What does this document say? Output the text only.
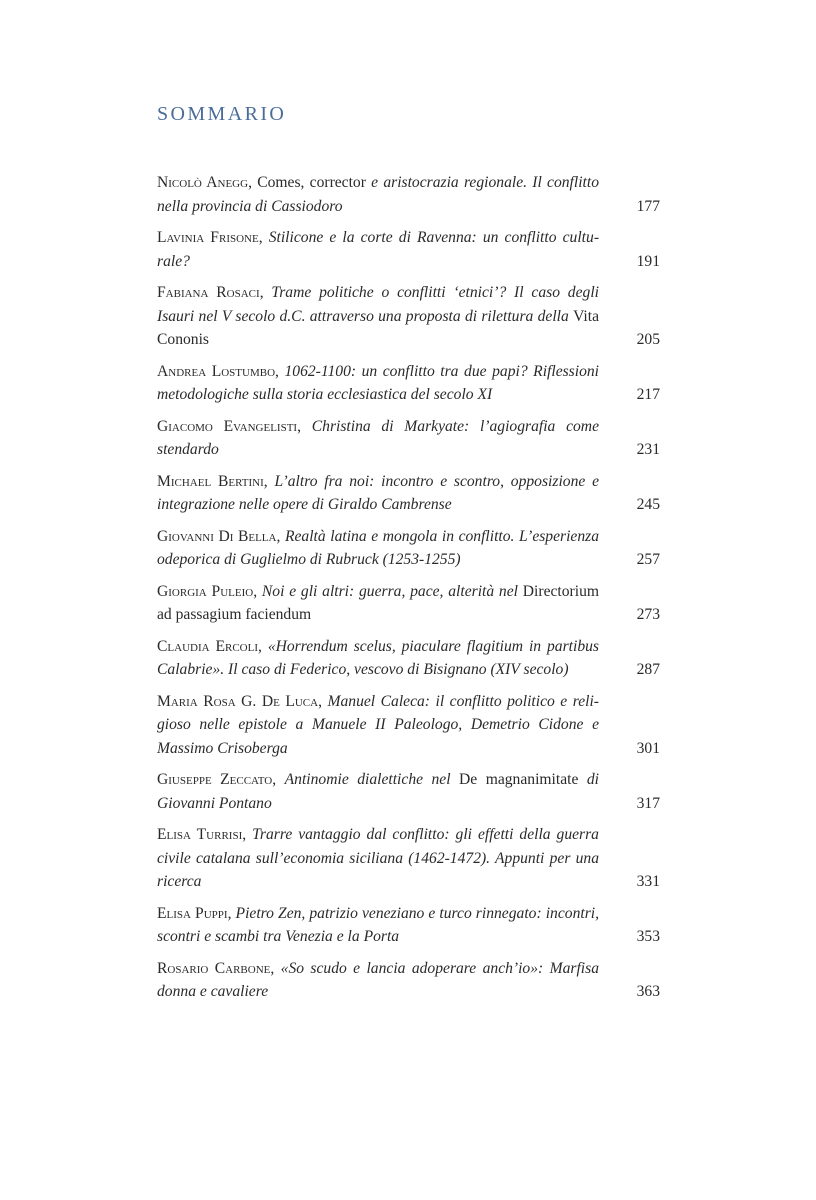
SOMMARIO
Nicolò Anegg, Comes, corrector e aristocrazia regionale. Il conflitto nella provincia di Cassiodoro	177
Lavinia Frisone, Stilicone e la corte di Ravenna: un conflitto culturale?	191
Fabiana Rosaci, Trame politiche o conflitti ‘etnici’? Il caso degli Isauri nel V secolo d.C. attraverso una proposta di rilettura della Vita Cononis	205
Andrea Lostumbo, 1062-1100: un conflitto tra due papi? Riflessioni metodologiche sulla storia ecclesiastica del secolo XI	217
Giacomo Evangelisti, Christina di Markyate: l’agiografia come stendardo	231
Michael Bertini, L’altro fra noi: incontro e scontro, opposizione e integrazione nelle opere di Giraldo Cambrense	245
Giovanni Di Bella, Realtà latina e mongola in conflitto. L’esperienza odeporica di Guglielmo di Rubruck (1253-1255)	257
Giorgia Puleio, Noi e gli altri: guerra, pace, alterità nel Directorium ad passagium faciendum	273
Claudia Ercoli, «Horrendum scelus, piaculare flagitium in partibus Calabrie». Il caso di Federico, vescovo di Bisignano (XIV secolo)	287
Maria Rosa G. De Luca, Manuel Caleca: il conflitto politico e religioso nelle epistole a Manuele II Paleologo, Demetrio Cidone e Massimo Crisoberga	301
Giuseppe Zeccato, Antinomie dialettiche nel De magnanimitate di Giovanni Pontano	317
Elisa Turrisi, Trarre vantaggio dal conflitto: gli effetti della guerra civile catalana sull’economia siciliana (1462-1472). Appunti per una ricerca	331
Elisa Puppi, Pietro Zen, patrizio veneziano e turco rinnegato: incontri, scontri e scambi tra Venezia e la Porta	353
Rosario Carbone, «So scudo e lancia adoperare anch’io»: Marfisa donna e cavaliere	363
